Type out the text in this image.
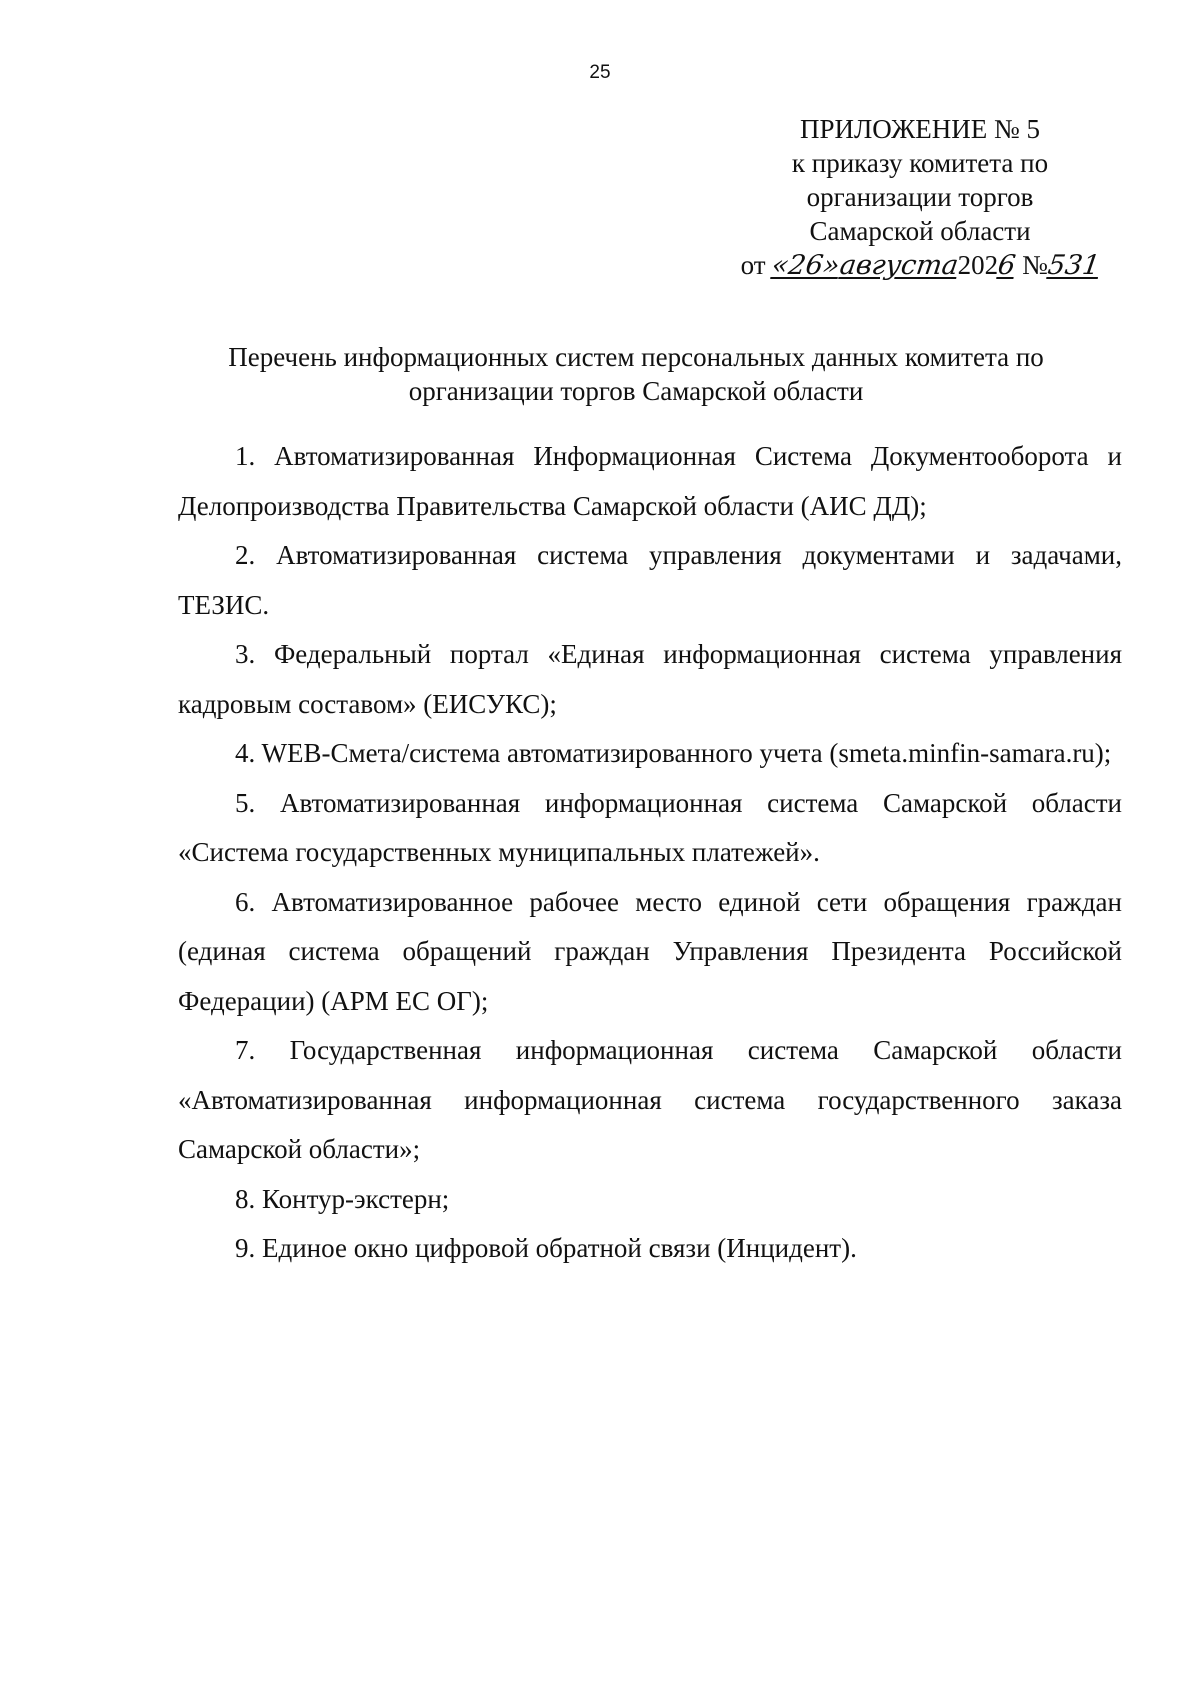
25
ПРИЛОЖЕНИЕ № 5
к приказу комитета по
организации торгов
Самарской области
от «26»августа2026 №531
Перечень информационных систем персональных данных комитета по организации торгов Самарской области

1. Автоматизированная Информационная Система Документооборота и Делопроизводства Правительства Самарской области (АИС ДД);

2. Автоматизированная система управления документами и задачами, ТЕЗИС.

3. Федеральный портал «Единая информационная система управления кадровым составом» (ЕИСУКС);

4. WEB-Смета/система автоматизированного учета (smeta.minfin-samara.ru);

5. Автоматизированная информационная система Самарской области «Система государственных муниципальных платежей».

6. Автоматизированное рабочее место единой сети обращения граждан (единая система обращений граждан Управления Президента Российской Федерации) (АРМ ЕС ОГ);

7. Государственная информационная система Самарской области «Автоматизированная информационная система государственного заказа Самарской области»;

8. Контур-экстерн;

9. Единое окно цифровой обратной связи (Инцидент).
